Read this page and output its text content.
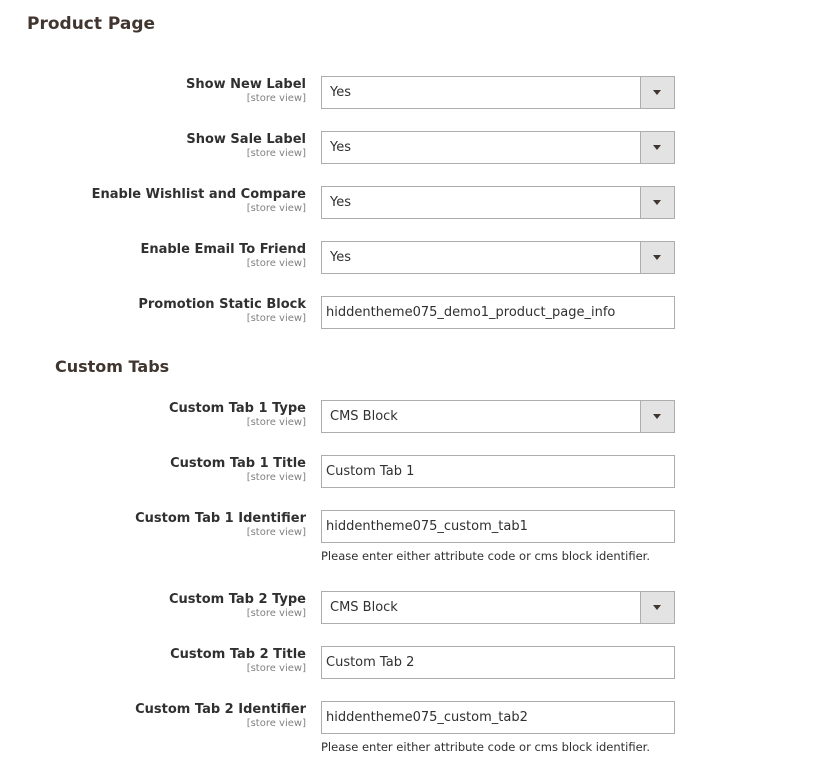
Product Page
Show New Label
[store view] Yes
Show Sale Label
[store view] Yes
Enable Wishlist and Compare
[store view] Yes
Enable Email To Friend
[store view] Yes
Promotion Static Block
[store view] hiddentheme075_demo1_product_page_info
Custom Tabs
Custom Tab 1 Type
[store view] CMS Block
Custom Tab 1 Title
[store view] Custom Tab 1
Custom Tab 1 Identifier
[store view] hiddentheme075_custom_tab1
Please enter either attribute code or cms block identifier.
Custom Tab 2 Type
[store view] CMS Block
Custom Tab 2 Title
[store view] Custom Tab 2
Custom Tab 2 Identifier
[store view] hiddentheme075_custom_tab2
Please enter either attribute code or cms block identifier.
